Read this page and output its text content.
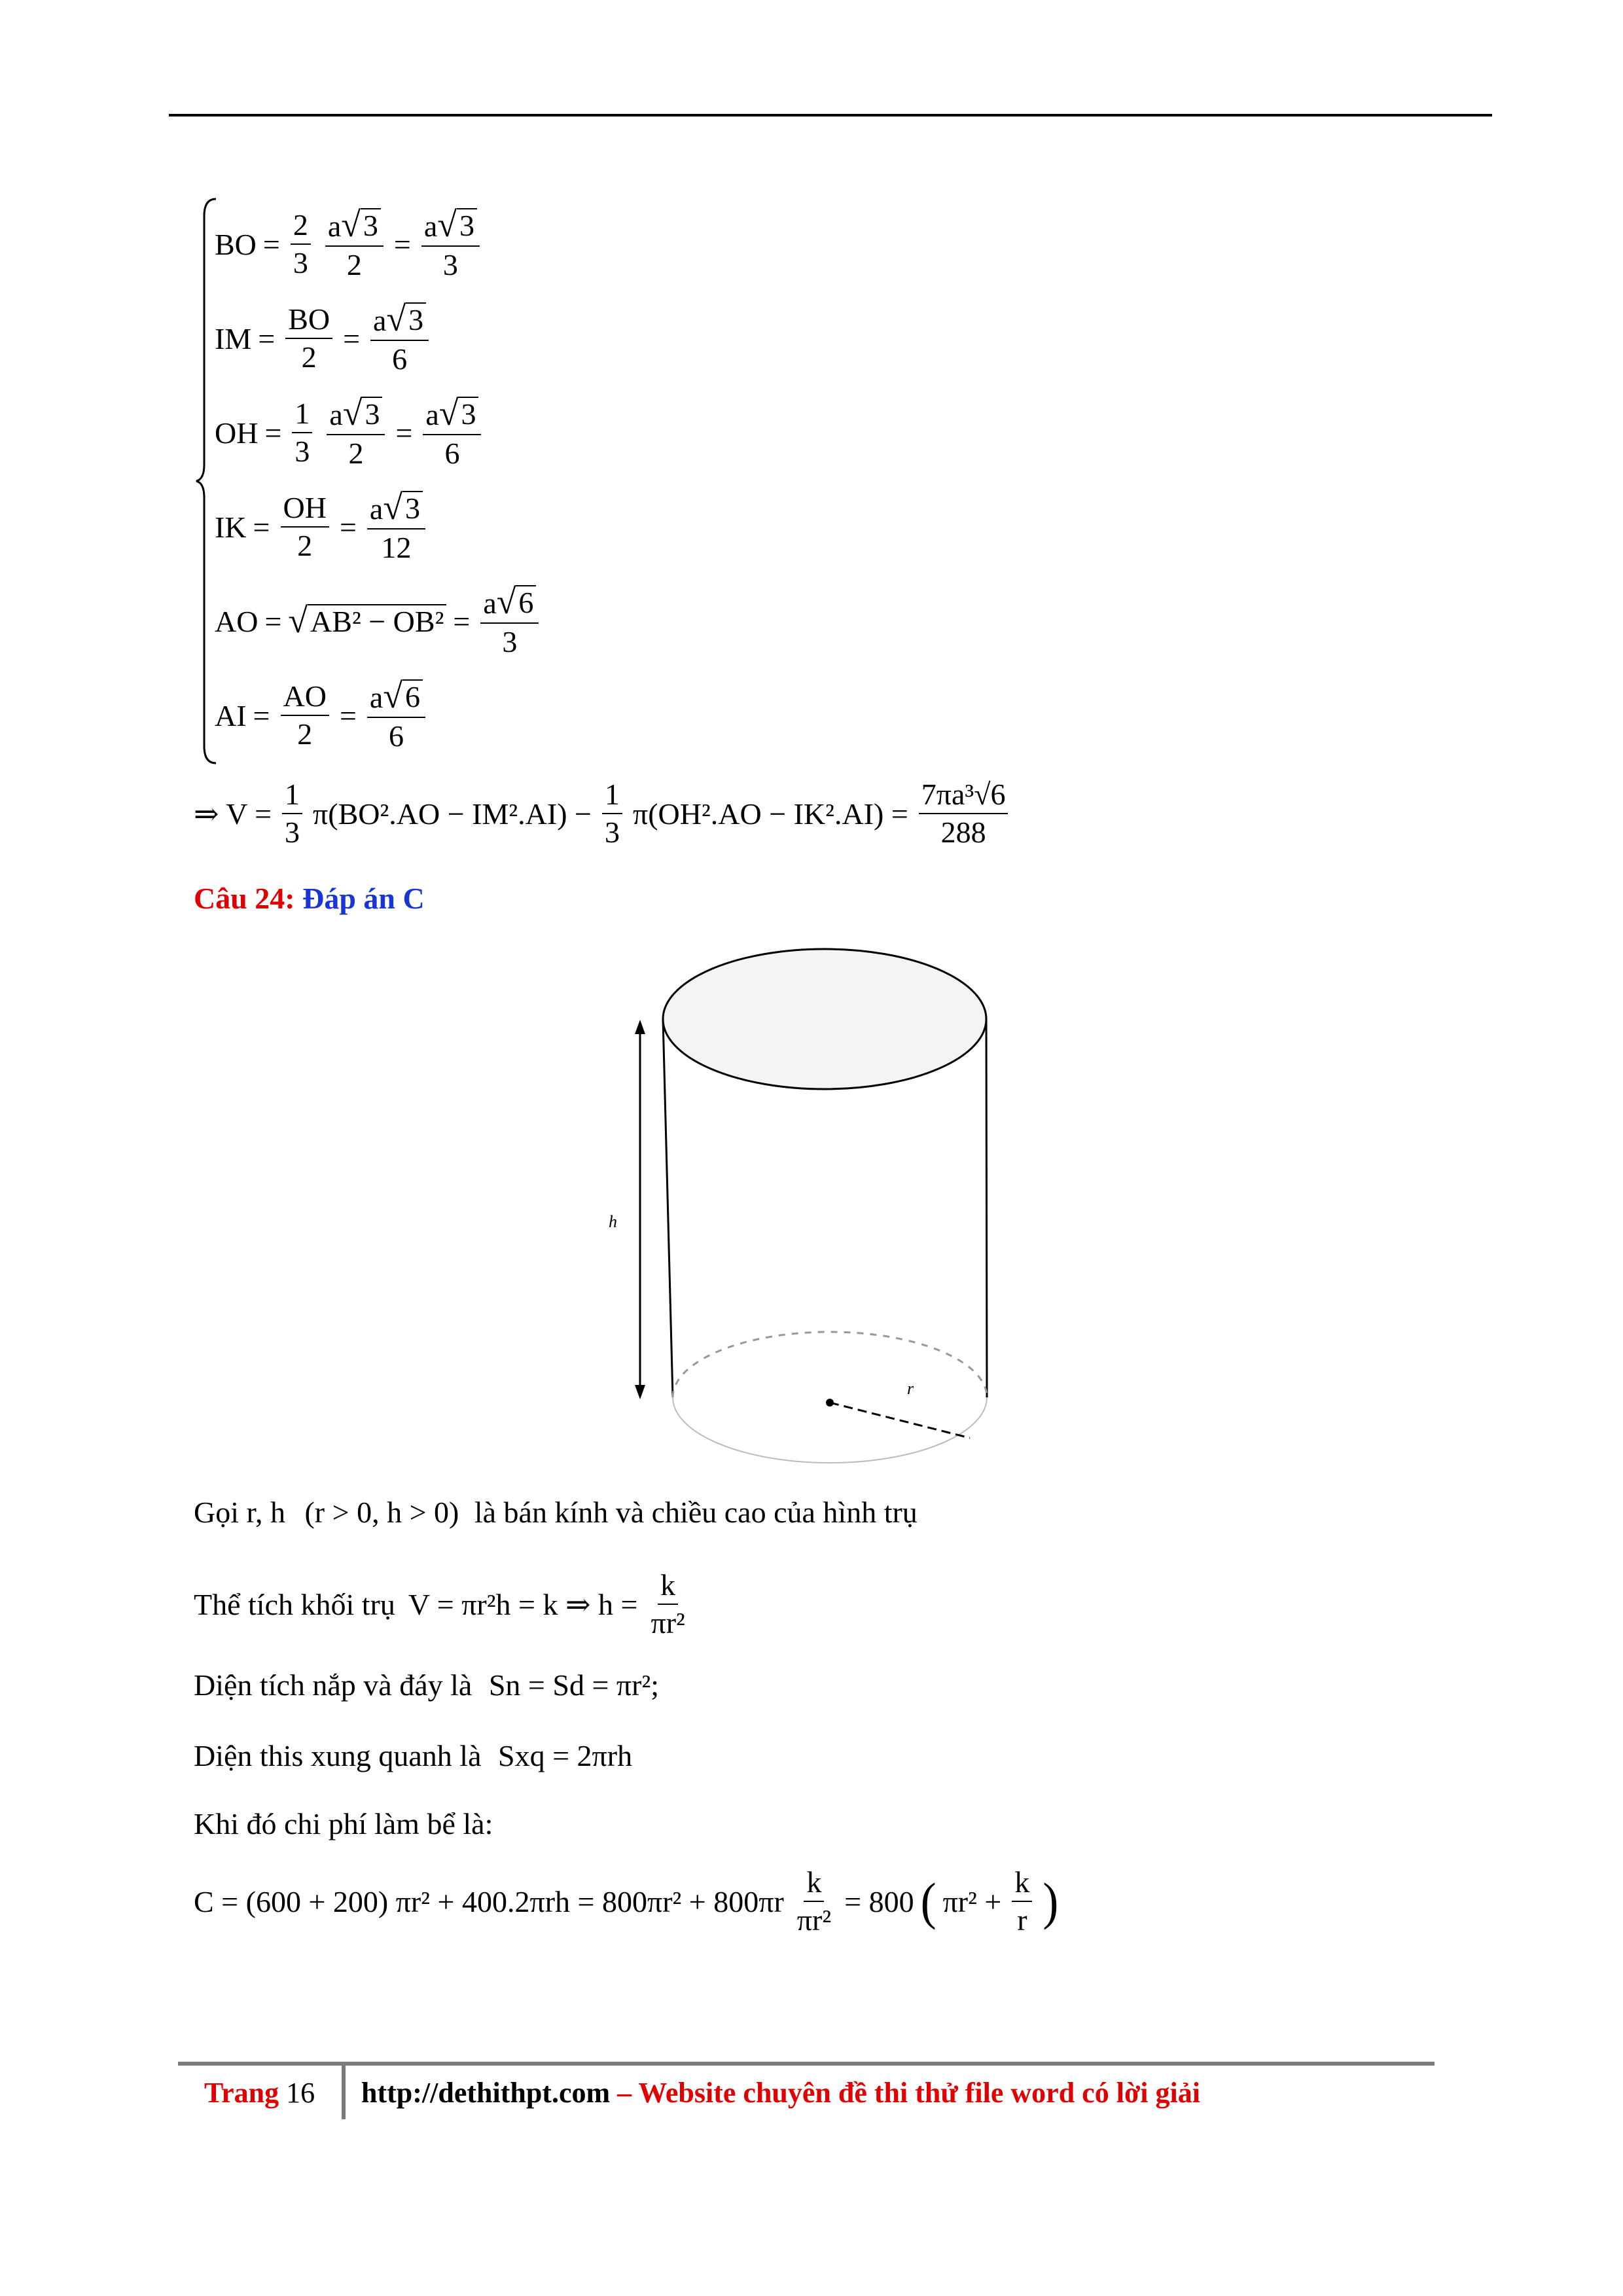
BO = $\frac{2}{3} \frac{a √ 3}{2} = \frac{a √ 3}{3}$
IM = $\frac{BO}{2} = \frac{a √ 3}{6}$
OH = $\frac{1}{3} \frac{a √ 3}{2} = \frac{a √ 3}{6}$
IK = $\frac{OH}{2} = \frac{a √ 3}{12}$
AO = √ $AB^2 - OB^2 = \frac{a √ 6}{3}$
AI = $\frac{AO}{2} = \frac{a √ 6}{6}$
⇒ $V = \frac{1}{3} \pi(BO^2.AO - IM^2.AI) - \frac{1}{3} \pi(OH^2.AO - IK^2.AI) = \frac{\text{7πa³√6}}{288}$
Câu 24: Đáp án C
h
r
Gọi r, h (r > 0, h > 0) là bán kính và chiều cao của hình trụ
Thể tích khối trụ V = πr²h = k ⇒ $h = \frac{k}{\text{πr²}}$
Diện tích nắp và đáy là Sn = Sd = πr²;
Diện this xung quanh là Sxq = 2πrh
Khi đó chi phí làm bể là:
C = (600 + 200) $\pi r^2 + 400.2\pi rh = 800\pi r^2 + 800\pi r \frac{k}{\text{πr²}} = 800$ ( $\pi r^2 + \frac{k}{r}$ )
Trang 16 http://dethithpt.com – Website chuyên đề thi thử file word có lời giải
